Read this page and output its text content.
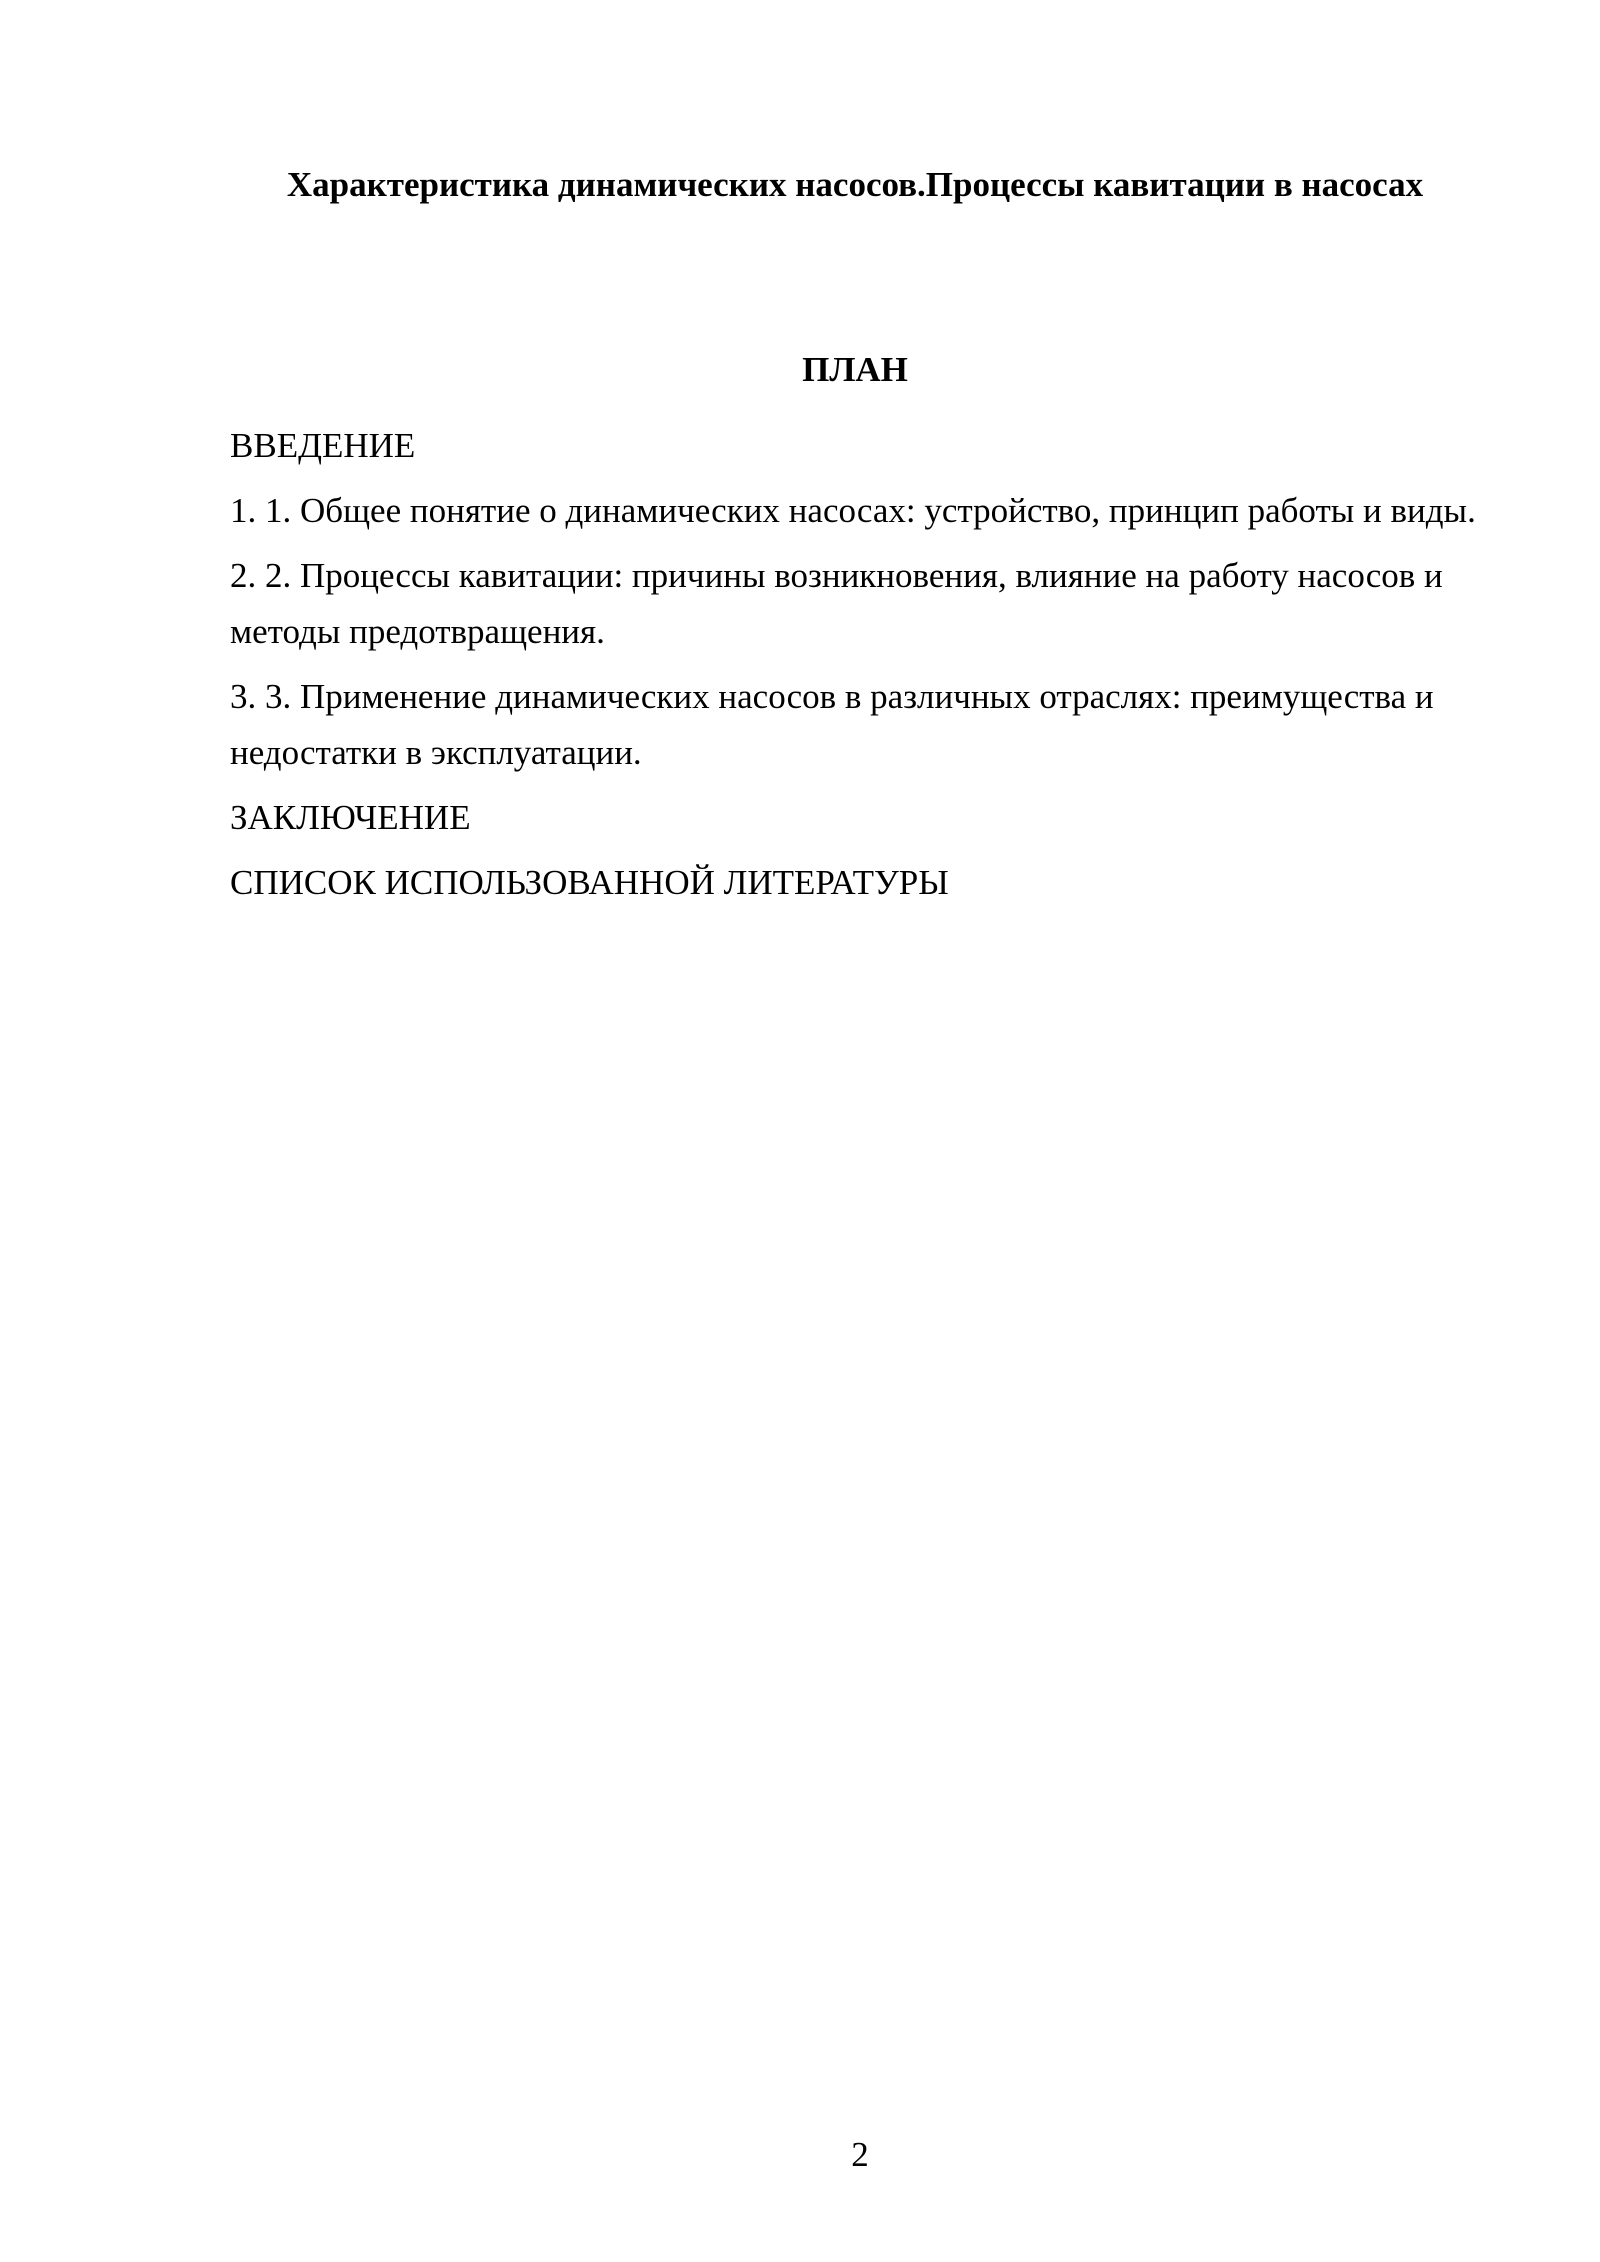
Характеристика динамических насосов.Процессы кавитации в насосах
ПЛАН
ВВЕДЕНИЕ
1. 1. Общее понятие о динамических насосах: устройство, принцип работы и виды.
2. 2. Процессы кавитации: причины возникновения, влияние на работу насосов и методы предотвращения.
3. 3. Применение динамических насосов в различных отраслях: преимущества и недостатки в эксплуатации.
ЗАКЛЮЧЕНИЕ
СПИСОК ИСПОЛЬЗОВАННОЙ ЛИТЕРАТУРЫ
2
